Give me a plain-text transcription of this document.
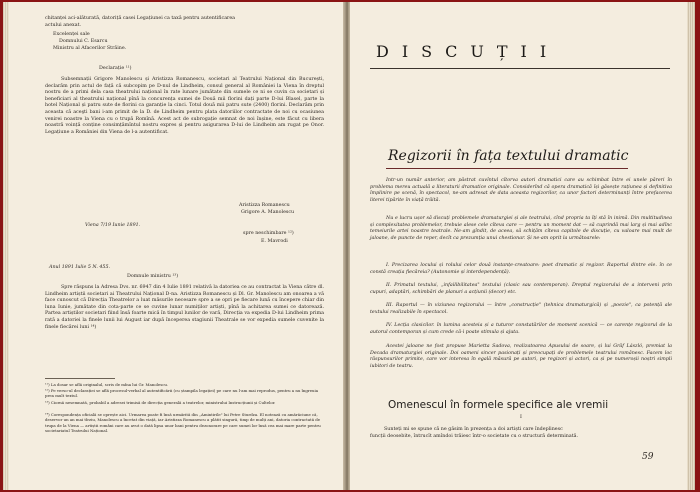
chitanței aci-alăturată, datoriță casei Legațiunei ca taxă pentru autentificarea
actului anexat.
Excelenței sale
Domnului C. Esarcu
Ministru al Afacerilor Străine.
Declarație ¹¹)
Subsemnații Grigore Manolescu și Aristizza Romanescu, societari al Teatrului Național din București, declarăm prin actul de față că subcopim pe D-nul de Lindheim, consul general al României la Viena în dreptul nostru de a primi dela casa theatrului național în rate lunare jumătate din sumele ce ni se cuvin ca societari și beneficiari al theatrului național pînă la concurența sumei de Două mii florini dați parte D-lui Blasel, parte la hotel Național și patru sute de florini ca garanție la cinci. Totul două mii patru sute (2400) florini. Declarăm prin aceasta că aceşti bani i-am primit de la D. de Lindheim pentru plata datoriilor contractate de noi cu ocasiunea venirei noastre la Viena cu o trupă Romînă. Acest act de subrogație semnat de noi înșine, este făcut cu libera noastră voință conține consimțămîntul nostru expres și pentru asigurarea D-lui de Lindheim am rugat pe Onor. Legațiune a României din Viena de l-a autentificat.
Aristizza Romanescu
Grigore A. Manolescu
Viena 7/19 Iunie 1891.
spre neschimbare ¹²)
E. Mavrodi
Anul 1891 Iulie 5 N. 455.
Domnule ministru ¹³)
Spre răspuns la Adresa Dvs. nr. 6947 din 4 Iulie 1891 relativă la datoriea ce au contractat la Viena către dl. Lindheim artiștii societari ai Theatrului Național D-na. Aristizza Romanescu și Dl. Gr. Manolescu am onoarea a vă face cunoscut că Direcția Theatrelor a luat măsurile necesare spre a se opri pe fiecare lună cu începere chiar din luna Iunie, jumătate din cota-parte ce se cuvine lunar numiților artiști, pînă la achitarea sumei ce datorează. Partea artiștilor societari fiind însă foarte mică în timpul lunilor de vară, Direcția va expedia D-lui Lindheim prima rată a datoriei la finele lunii lui August iar după începerea stagiunii Theatrale se vor expedia sumele cuvenite la finele fiecărei luni ¹⁴)
¹¹) La dosar se află originalul, scris de mîna lui Gr. Manolescu.
¹²) Pe verso-ul declarației se află procesul-verbal al autentificării (cu ștampila legației) pe care nu l-am mai reprodus, pentru a nu îngreuia prea mult textul.
¹³) Ciornă nesemnată, probabil a adresei trimisă de direcția generală a teatrelor, ministrului Instrucțiunii și Cultelor.
¹⁴) Corespondența oficială se oprește aici. Urmarea poate fi însă urmărită din „Amintirile" lui Petre Sturdza. El notează cu amărăciune că, deservor un an mai tîrziu, Manolescu a încetat din viață, iar Aristizza Romanescu a plătit singură, timp de mulți ani, datoria contractată de trupa de la Viena — artiștii români care au avut o dată lipsa unor bani pentru dezonorare pe care sumei lor însă cea mai mare parte pentru societariatul Teatrului Național.
DISCUȚII
Regizorii în fața textului dramatic
Intr-un număr anterior, am păstrat cuvîntul cîtorva autori dramatici care au schimbat între ei unele păreri în problema mereu actuală a literaturii dramatice originale. Considerînd că opera dramatică își găsește rațiunea și definitiva împlinire pe scenă, în spectacol, ne-am adresat de data aceasta regizorilor, ca unor factori determinanți între prefacerea literei tipărite în viață trăită.
Nu e lucru ușor să discuți problemele dramaturgiei și ale teatrului, cînd propria ta îți stă în inimă. Din multitudinea și complexitatea problemelor, trebuie alese cele cîteva care — pentru un moment dat — să cuprindă mai larg și mai adînc temeiurile artei noastre teatrale. Ne-am gîndit, de aceea, să schițăm cîteva capitole de discuție, cu valoare mai mult de jaloane, de puncte de reper, decît ca prezumția unui chestionar. Și ne-am oprit la următoarele:
I. Precizarea locului și rolului celor două instanțe-creatoare: poet dramatic și regizor. Raportul dintre ele. în ce constă creația fiecăreia? (Autonomie și interdependență).
II. Primatul textului, „infailibilitatea" textului (clasic sau contemporan). Dreptul regizorului de a interveni prin cupuri, adaptări, schimbări de planuri a acțiunii (decor) etc.
III. Raportul — în viziunea regizorului — între „construcție" (tehnica dramaturgică) și „poezie", ca potență ale textului realizabile în spectacol.
IV. Lecția clasicilor. în lumina acesteia și a tuturor constatărilor de moment scenică — ce carențe regizorul de la autorul contemporan și cum crede că-i poate stimula și ajuta.
Acestei jaloane ne fost propuse Marietta Sadova, realizatoarea Apusului de soare, și lui Grăf László, premiat la Decada dramaturgiei originale. Doi oameni sincer pasionați și preocupați de problemele teatrului românesc. Facem loc răspunsurilor primite, care vor interesa în egală măsură pe autori, pe regizori și actori, ca și pe numeroșii noștri simpli iubitori de teatru.
Omenescul în formele specifice ale vremii
I
Sunteți mi se spune că ne găsim în prezența a doi artiști care îndeplinesc
funcții deosebite, întrucît amîndoi trăiesc într-o societate cu o structură determinată.
59
